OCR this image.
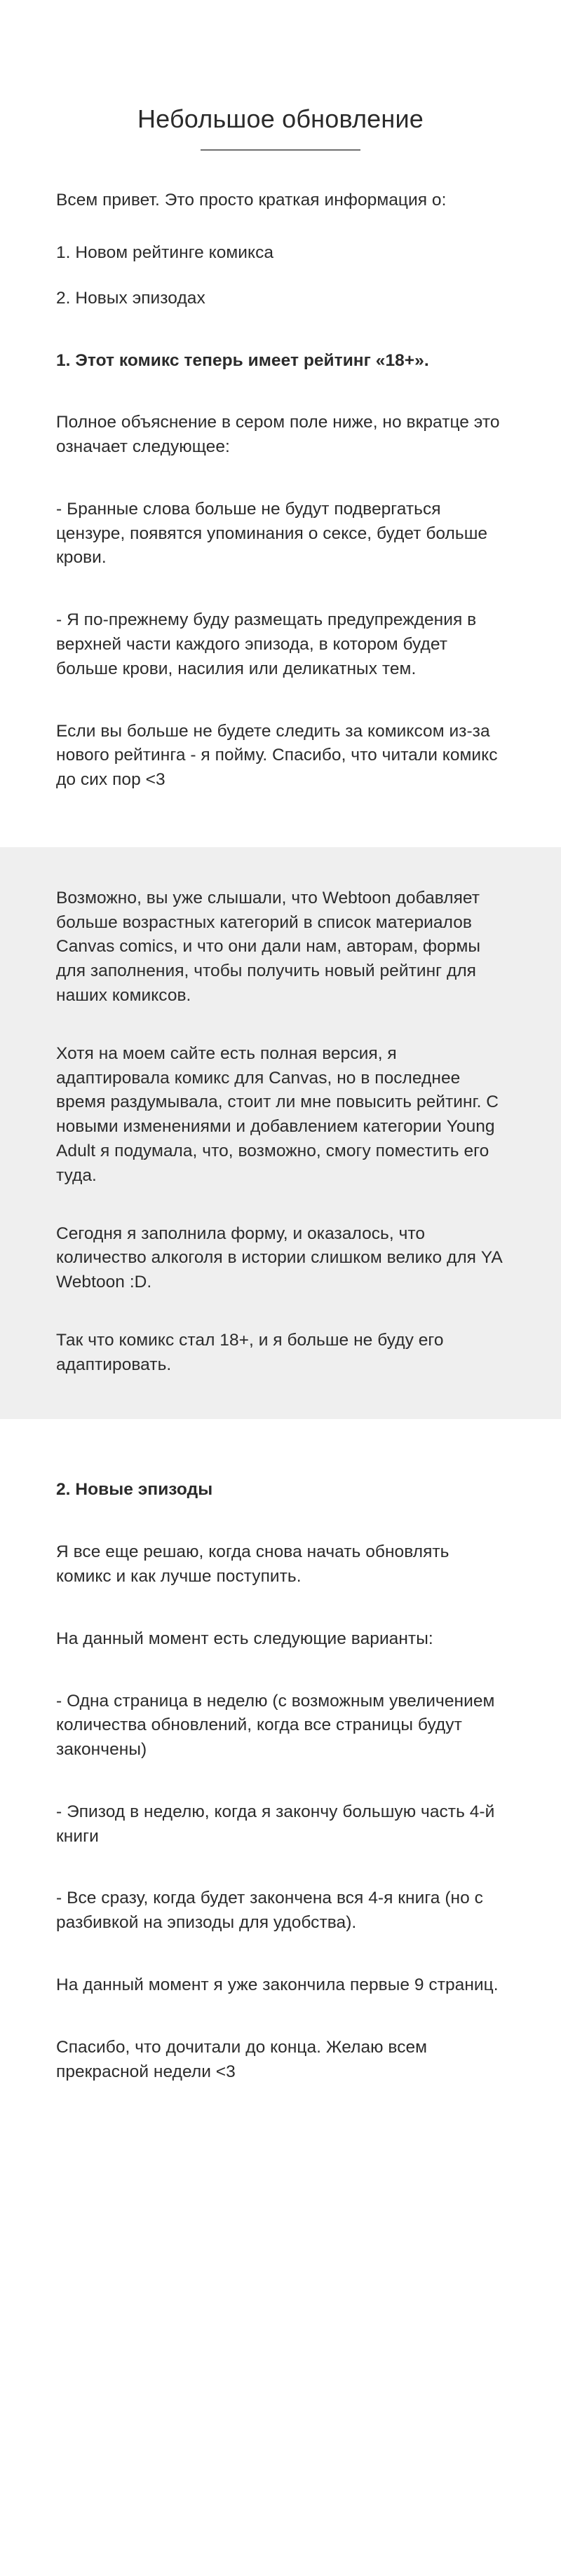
Небольшое обновление

Всем привет. Это просто краткая информация о:

1. Новом рейтинге комикса

2. Новых эпизодах

1. Этот комикс теперь имеет рейтинг «18+».

Полное объяснение в сером поле ниже, но вкратце это означает следующее:

- Бранные слова больше не будут подвергаться цензуре, появятся упоминания о сексе, будет больше крови.

- Я по-прежнему буду размещать предупреждения в верхней части каждого эпизода, в котором будет больше крови, насилия или деликатных тем.

Если вы больше не будете следить за комиксом из-за нового рейтинга - я пойму. Спасибо, что читали комикс до сих пор <3

Возможно, вы уже слышали, что Webtoon добавляет больше возрастных категорий в список материалов Canvas comics, и что они дали нам, авторам, формы для заполнения, чтобы получить новый рейтинг для наших комиксов.

Хотя на моем сайте есть полная версия, я адаптировала комикс для Canvas, но в последнее время раздумывала, стоит ли мне повысить рейтинг. С новыми изменениями и добавлением категории Young Adult я подумала, что, возможно, смогу поместить его туда.

Сегодня я заполнила форму, и оказалось, что количество алкоголя в истории слишком велико для YA Webtoon :D.

Так что комикс стал 18+, и я больше не буду его адаптировать.

2. Новые эпизоды

Я все еще решаю, когда снова начать обновлять комикс и как лучше поступить.

На данный момент есть следующие варианты:

- Одна страница в неделю (с возможным увеличением количества обновлений, когда все страницы будут закончены)

- Эпизод в неделю, когда я закончу большую часть 4-й книги

- Все сразу, когда будет закончена вся 4-я книга (но с разбивкой на эпизоды для удобства).

На данный момент я уже закончила первые 9 страниц.

Спасибо, что дочитали до конца. Желаю всем прекрасной недели <3
